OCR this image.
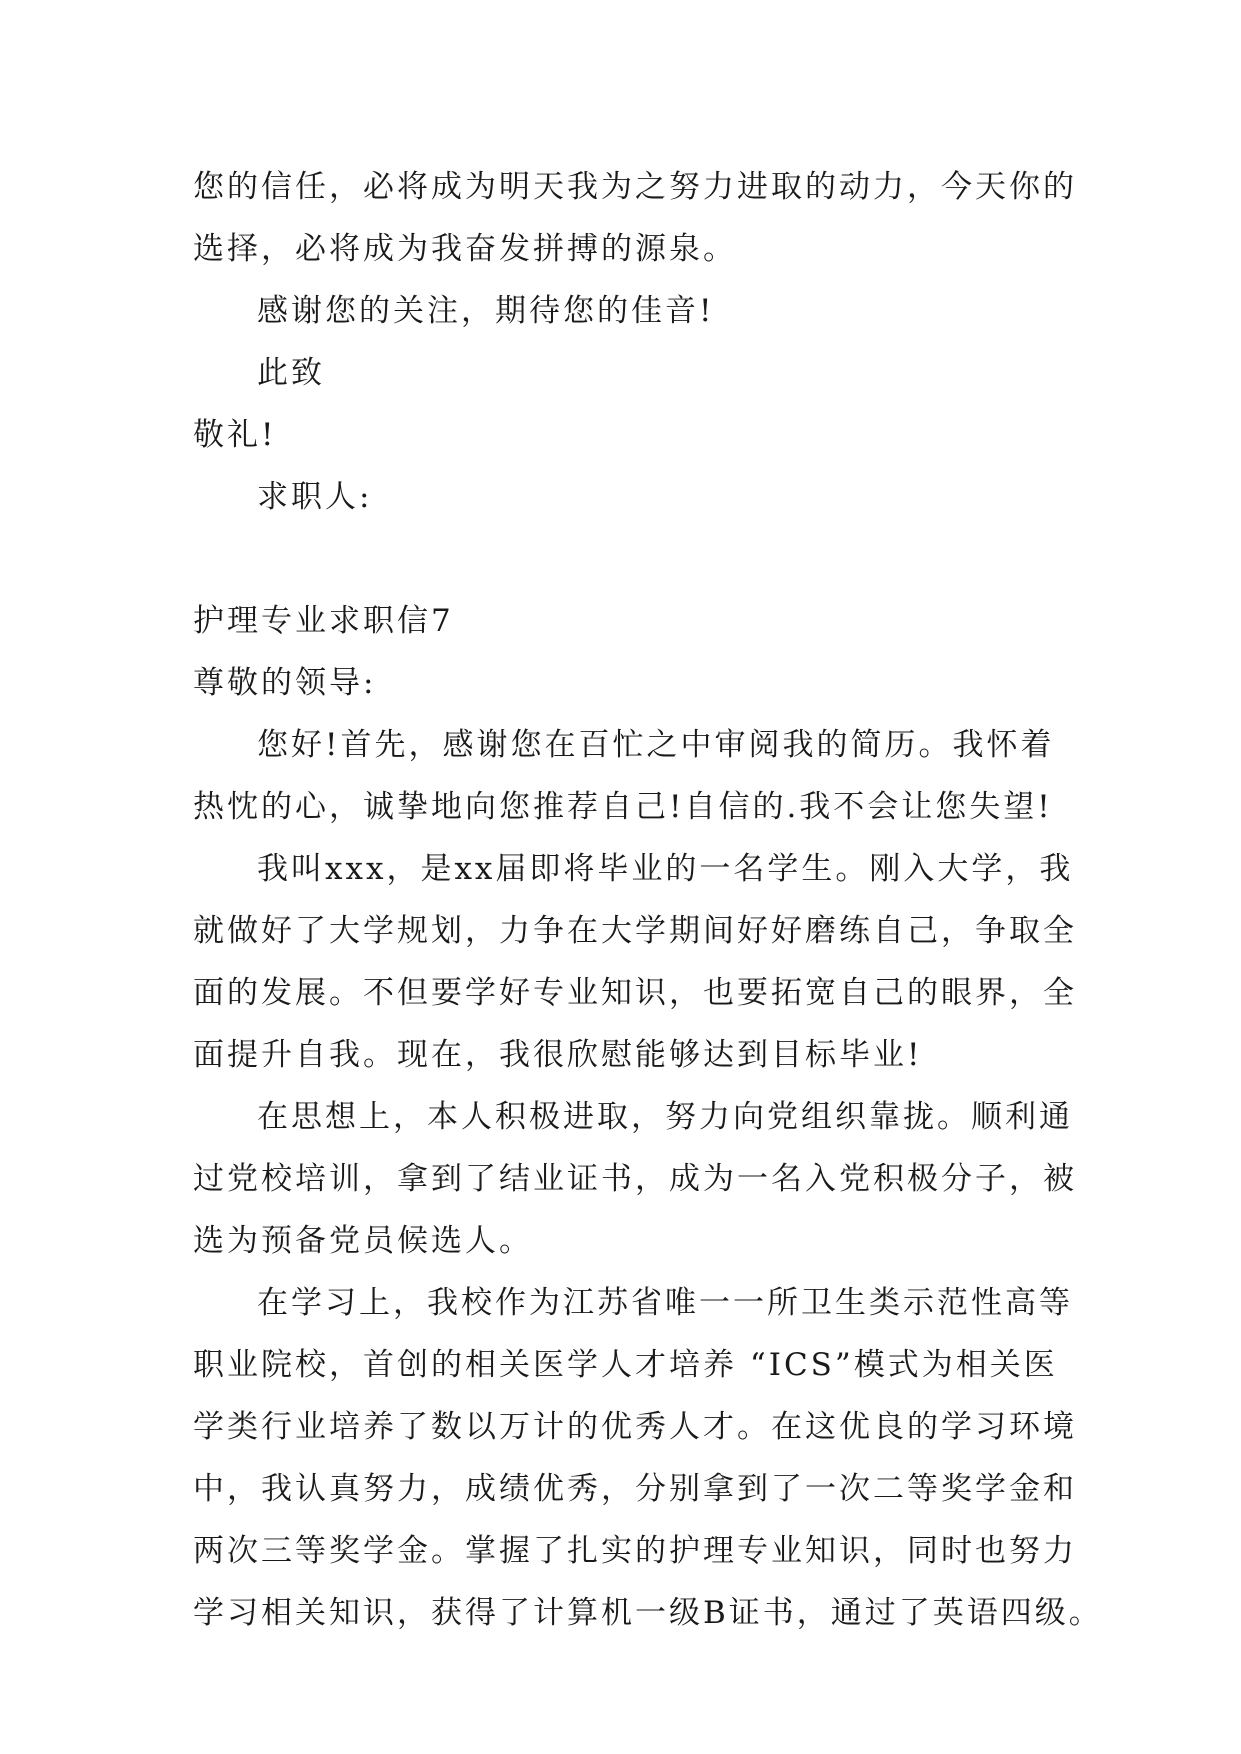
您的信任，必将成为明天我为之努力进取的动力，今天你的
选择，必将成为我奋发拼搏的源泉。
感谢您的关注，期待您的佳音!
此致
敬礼!
求职人:
护理专业求职信7
尊敬的领导:
您好!首先，感谢您在百忙之中审阅我的简历。我怀着
热忱的心，诚挚地向您推荐自己!自信的.我不会让您失望!
我叫xxx，是xx届即将毕业的一名学生。刚入大学，我
就做好了大学规划，力争在大学期间好好磨练自己，争取全
面的发展。不但要学好专业知识，也要拓宽自己的眼界，全
面提升自我。现在，我很欣慰能够达到目标毕业!
在思想上，本人积极进取，努力向党组织靠拢。顺利通
过党校培训，拿到了结业证书，成为一名入党积极分子，被
选为预备党员候选人。
在学习上，我校作为江苏省唯一一所卫生类示范性高等
职业院校，首创的相关医学人才培养 “ICS”模式为相关医
学类行业培养了数以万计的优秀人才。在这优良的学习环境
中，我认真努力，成绩优秀，分别拿到了一次二等奖学金和
两次三等奖学金。掌握了扎实的护理专业知识，同时也努力
学习相关知识，获得了计算机一级B证书，通过了英语四级。
